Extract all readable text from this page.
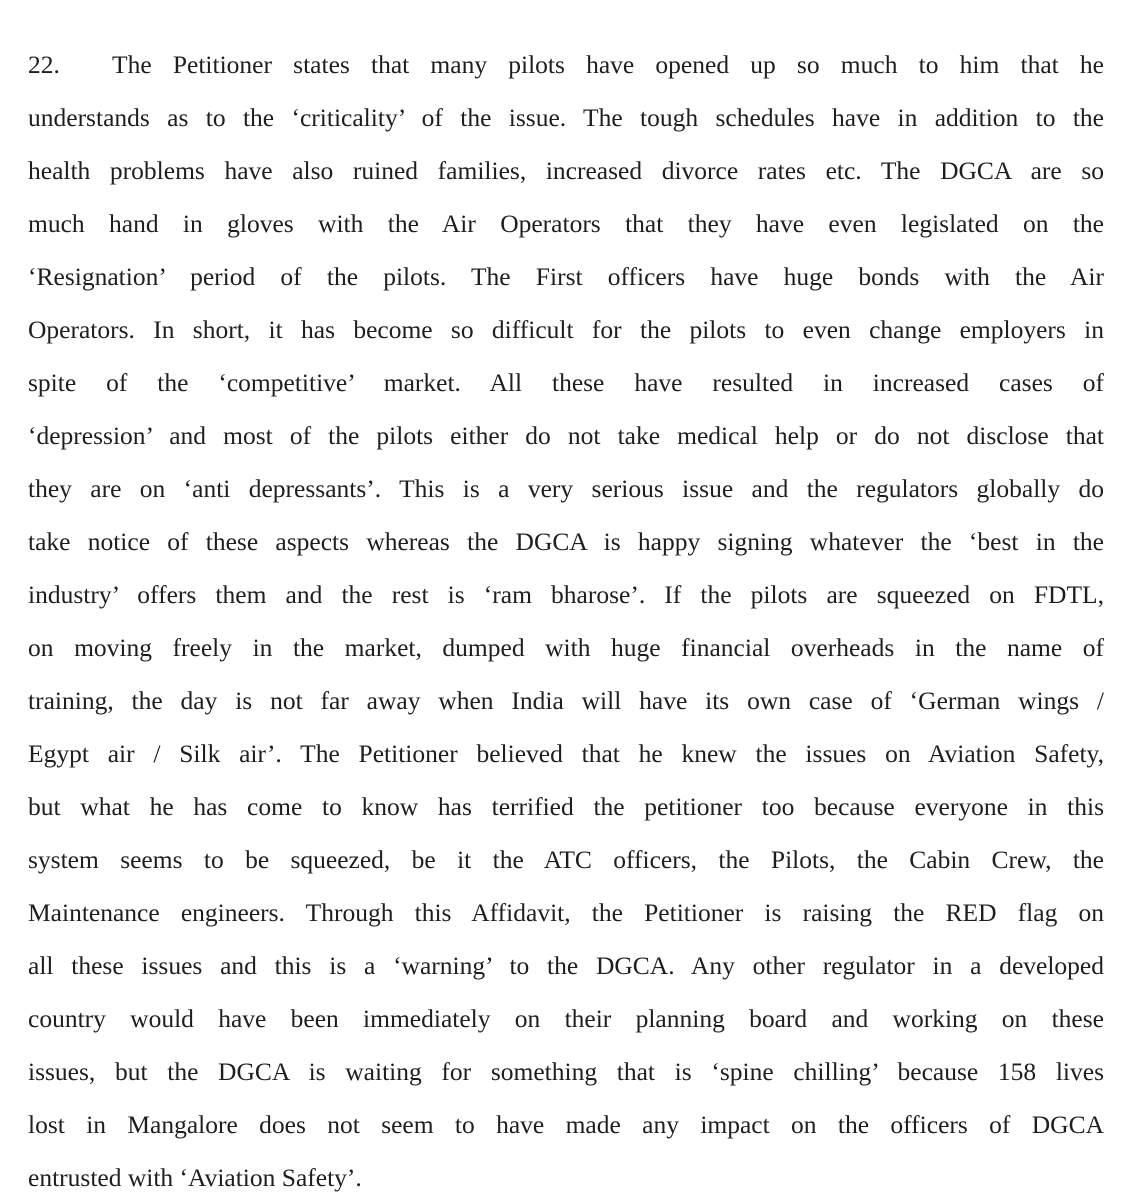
22. The Petitioner states that many pilots have opened up so much to him that he
understands as to the ‘criticality’ of the issue. The tough schedules have in addition to the
health problems have also ruined families, increased divorce rates etc. The DGCA are so
much hand in gloves with the Air Operators that they have even legislated on the
‘Resignation’ period of the pilots. The First officers have huge bonds with the Air
Operators. In short, it has become so difficult for the pilots to even change employers in
spite of the ‘competitive’ market. All these have resulted in increased cases of
‘depression’ and most of the pilots either do not take medical help or do not disclose that
they are on ‘anti depressants’. This is a very serious issue and the regulators globally do
take notice of these aspects whereas the DGCA is happy signing whatever the ‘best in the
industry’ offers them and the rest is ‘ram bharose’. If the pilots are squeezed on FDTL,
on moving freely in the market, dumped with huge financial overheads in the name of
training, the day is not far away when India will have its own case of ‘German wings /
Egypt air / Silk air’. The Petitioner believed that he knew the issues on Aviation Safety,
but what he has come to know has terrified the petitioner too because everyone in this
system seems to be squeezed, be it the ATC officers, the Pilots, the Cabin Crew, the
Maintenance engineers. Through this Affidavit, the Petitioner is raising the RED flag on
all these issues and this is a ‘warning’ to the DGCA. Any other regulator in a developed
country would have been immediately on their planning board and working on these
issues, but the DGCA is waiting for something that is ‘spine chilling’ because 158 lives
lost in Mangalore does not seem to have made any impact on the officers of DGCA
entrusted with ‘Aviation Safety’.
